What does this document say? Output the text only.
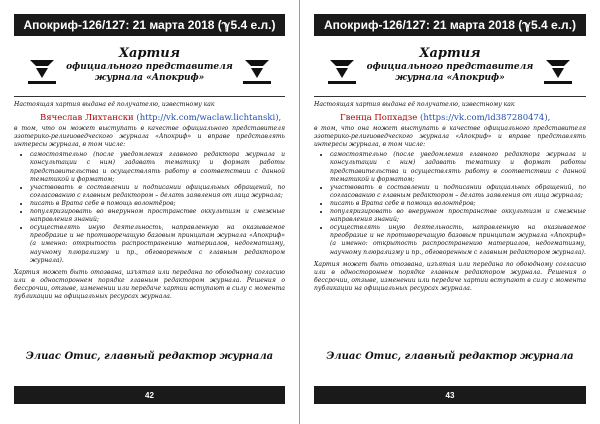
Апокриф-126/127: 21 марта 2018 (ℽ5.4 е.л.)
Хартия
официального представителя
журнала «Апокриф»

Настоящая хартия выдана её получателю, известному как

Вячеслав Лихтански (http://vk.com/waclaw.lichtanski),

в том, что он может выступать в качестве официального представителя эзотерико-религиоведческого журнала «Апокриф» и вправе представлять интересы журнала, в том числе:

• самостоятельно (после уведомления главного редактора журнала и консультации с ним) задавать тематику и формат работы представительства и осуществлять работу в соответствии с данной тематикой и форматом;
• участвовать в составлении и подписании официальных обращений, по согласованию с главным редактором – делать заявления от лица журнала;
• писать в Врата себе в помощь волонтёров;
• популяризировать во внерунном пространстве оккультизм и смежные направления знаний;
• осуществлять иную деятельность, направленную на оказываемое преобразие и не противоречащую базовым принципам журнала «Апокриф» (а именно: открытость распространению материалов, недогматизму, научному плюрализму и пр., обговоренным с главным редактором журнала).

Хартия может быть отозвана, изъятая или передана по обоюдному согласию или в одностороннем порядке главным редактором журнала. Решения о бессрочии, отзыве, изменении или передаче хартии вступают в силу с момента публикации на официальных ресурсах журнала.

Элиас Отис, главный редактор журнала
42
Апокриф-126/127: 21 марта 2018 (ℽ5.4 е.л.)
Хартия
официального представителя
журнала «Апокриф»

Настоящая хартия выдана её получателю, известному как

Гвенца Попхадзе (https://vk.com/id387280474),

в том, что она может выступать в качестве официального представителя эзотерико-религиоведческого журнала «Апокриф» и вправе представлять интересы журнала, в том числе:

• самостоятельно (после уведомления главного редактора журнала и консультации с ним) задавать тематику и формат работы представительства и осуществлять работу в соответствии с данной тематикой и форматом;
• участвовать в составлении и подписании официальных обращений, по согласованию с главным редактором – делать заявления от лица журнала;
• писать в Врата себе в помощь волонтёров;
• популяризировать во внерунном пространстве оккультизм и смежные направления знаний;
• осуществлять иную деятельность, направленную на оказываемое преобразие и не противоречащую базовым принципам журнала «Апокриф» (а именно: открытость распространению материалов, недогматизму, научному плюрализму и пр., обговоренным с главным редактором журнала).

Хартия может быть отозвана, изъятая или передана по обоюдному согласию или в одностороннем порядке главным редактором журнала. Решения о бессрочии, отзыве, изменении или передаче хартии вступают в силу с момента публикации на официальных ресурсах журнала.

Элиас Отис, главный редактор журнала
43
